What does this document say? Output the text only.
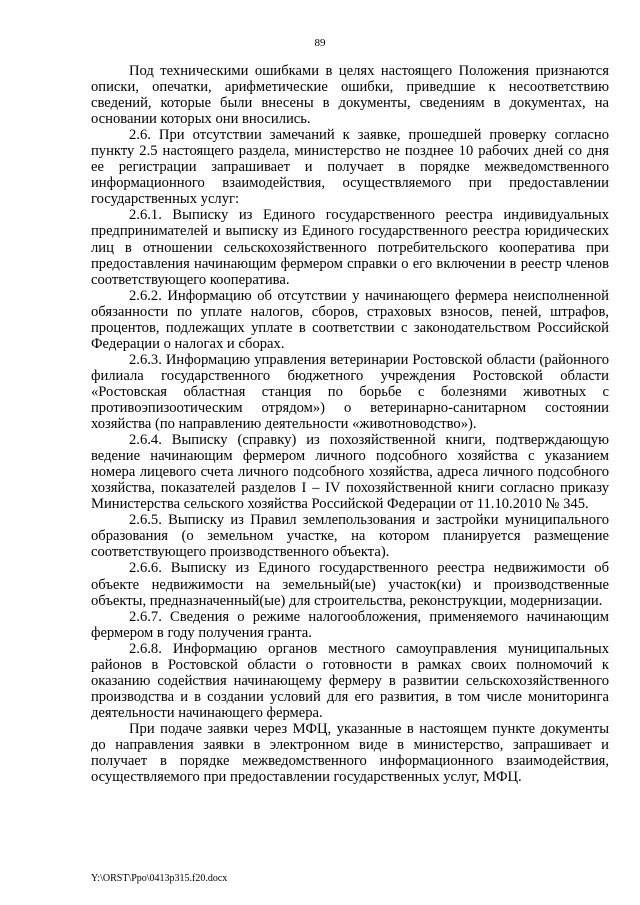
89

Под техническими ошибками в целях настоящего Положения признаются описки, опечатки, арифметические ошибки, приведшие к несоответствию сведений, которые были внесены в документы, сведениям в документах, на основании которых они вносились.

2.6. При отсутствии замечаний к заявке, прошедшей проверку согласно пункту 2.5 настоящего раздела, министерство не позднее 10 рабочих дней со дня ее регистрации запрашивает и получает в порядке межведомственного информационного взаимодействия, осуществляемого при предоставлении государственных услуг:

2.6.1. Выписку из Единого государственного реестра индивидуальных предпринимателей и выписку из Единого государственного реестра юридических лиц в отношении сельскохозяйственного потребительского кооператива при предоставления начинающим фермером справки о его включении в реестр членов соответствующего кооператива.

2.6.2. Информацию об отсутствии у начинающего фермера неисполненной обязанности по уплате налогов, сборов, страховых взносов, пеней, штрафов, процентов, подлежащих уплате в соответствии с законодательством Российской Федерации о налогах и сборах.

2.6.3. Информацию управления ветеринарии Ростовской области (районного филиала государственного бюджетного учреждения Ростовской области «Ростовская областная станция по борьбе с болезнями животных с противоэпизоотическим отрядом») о ветеринарно-санитарном состоянии хозяйства (по направлению деятельности «животноводство»).

2.6.4. Выписку (справку) из похозяйственной книги, подтверждающую ведение начинающим фермером личного подсобного хозяйства с указанием номера лицевого счета личного подсобного хозяйства, адреса личного подсобного хозяйства, показателей разделов I – IV похозяйственной книги согласно приказу Министерства сельского хозяйства Российской Федерации от 11.10.2010 № 345.

2.6.5. Выписку из Правил землепользования и застройки муниципального образования (о земельном участке, на котором планируется размещение соответствующего производственного объекта).

2.6.6. Выписку из Единого государственного реестра недвижимости об объекте недвижимости на земельный(ые) участок(ки) и производственные объекты, предназначенный(ые) для строительства, реконструкции, модернизации.

2.6.7. Сведения о режиме налогообложения, применяемого начинающим фермером в году получения гранта.

2.6.8. Информацию органов местного самоуправления муниципальных районов в Ростовской области о готовности в рамках своих полномочий к оказанию содействия начинающему фермеру в развитии сельскохозяйственного производства и в создании условий для его развития, в том числе мониторинга деятельности начинающего фермера.

При подаче заявки через МФЦ, указанные в настоящем пункте документы до направления заявки в электронном виде в министерство, запрашивает и получает в порядке межведомственного информационного взаимодействия, осуществляемого при предоставлении государственных услуг, МФЦ.

Y:\ORST\Ppo\0413p315.f20.docx
